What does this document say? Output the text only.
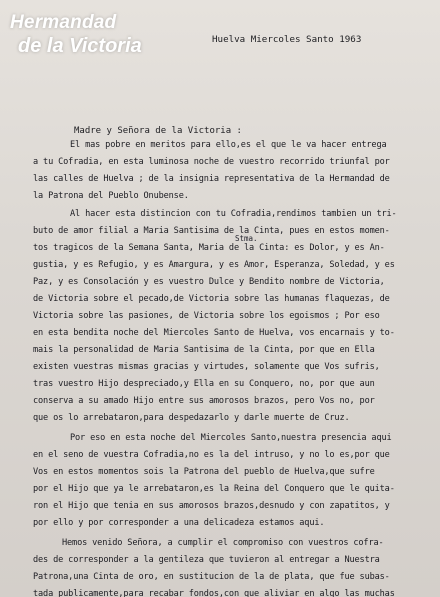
Hermandad
de la Victoria	Huelva Miercoles Santo 1963
Madre y Señora de la Victoria :
Stma.
El mas pobre en meritos para ello,es el que le va hacer entrega
a tu Cofradia, en esta luminosa noche de vuestro recorrido triunfal por
las calles de Huelva ; de la insignia representativa de la Hermandad de
la Patrona del Pueblo Onubense.
Al hacer esta distincion con tu Cofradia,rendimos tambien un tri-
buto de amor filial a Maria Santisima de la Cinta, pues en estos momen-
tos tragicos de la Semana Santa, Maria de la Cinta: es Dolor, y es An-
gustia, y es Refugio, y es Amargura, y es Amor, Esperanza, Soledad, y es
Paz, y es Consolación y es vuestro Dulce y Bendito nombre de Victoria,
de Victoria sobre el pecado,de Victoria sobre las humanas flaquezas, de
Victoria sobre las pasiones, de Victoria sobre los egoismos ; Por eso
en esta bendita noche del Miercoles Santo de Huelva, vos encarnais y to-
mais la personalidad de Maria Santisima de la Cinta, por que en Ella
existen vuestras mismas gracias y virtudes, solamente que Vos sufris,
tras vuestro Hijo despreciado,y Ella en su Conquero, no, por que aun
conserva a su amado Hijo entre sus amorosos brazos, pero Vos no, por
que os lo arrebataron,para despedazarlo y darle muerte de Cruz.
Por eso en esta noche del Miercoles Santo,nuestra presencia aqui
en el seno de vuestra Cofradia,no es la del intruso, y no lo es,por que
Vos en estos momentos sois la Patrona del pueblo de Huelva,que sufre
por el Hijo que ya le arrebataron,es la Reina del Conquero que le quita-
ron el Hijo que tenia en sus amorosos brazos,desnudo y con zapatitos, y
por ello y por corresponder a una delicadeza estamos aqui.
Hemos venido Señora, a cumplir el compromiso con vuestros cofra-
des de corresponder a la gentileza que tuvieron al entregar a Nuestra
Patrona,una Cinta de oro, en sustitucion de la de plata, que fue subas-
tada publicamente,para recabar fondos,con que aliviar en algo las muchas
